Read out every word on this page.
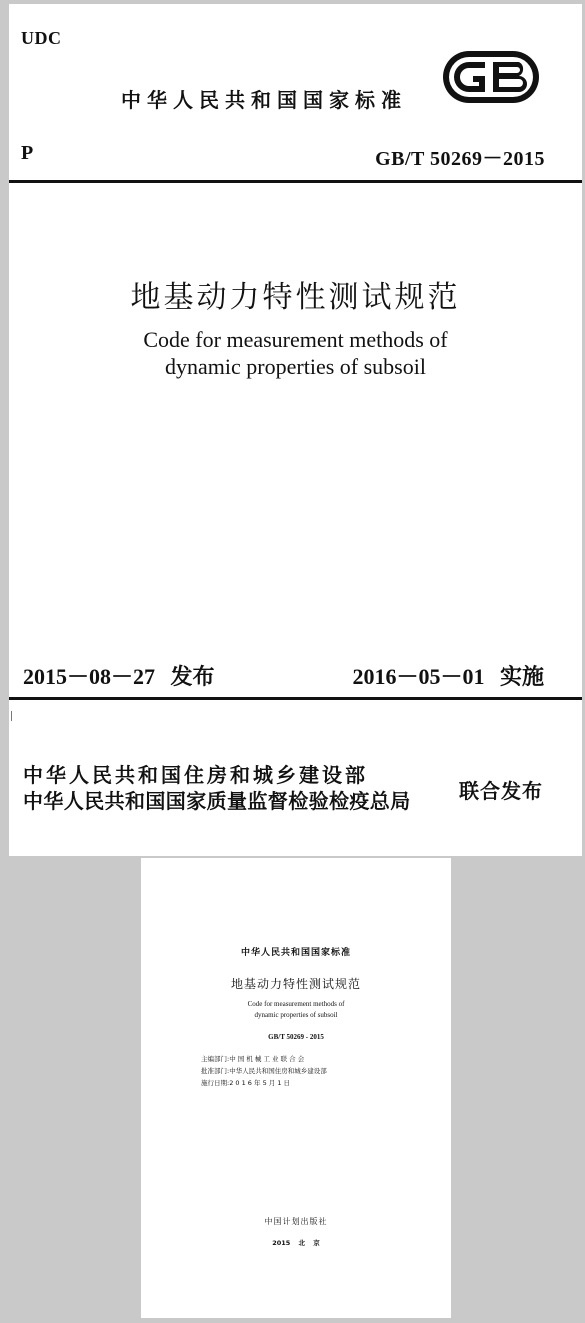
UDC
中华人民共和国国家标准
P	GB/T 50269－2015
地基动力特性测试规范
Code for measurement methods of
dynamic properties of subsoil
2015－08－27 发布	2016－05－01 实施
中华人民共和国住房和城乡建设部
中华人民共和国国家质量监督检验检疫总局 联合发布
中华人民共和国国家标准
地基动力特性测试规范
Code for measurement methods of
dynamic properties of subsoil
GB/T 50269 - 2015
主编部门:中 国 机 械 工 业 联 合 会
批准部门:中华人民共和国住房和城乡建设部
施行日期:2 0 1 6 年 5 月 1 日
中国计划出版社
2015 北 京
